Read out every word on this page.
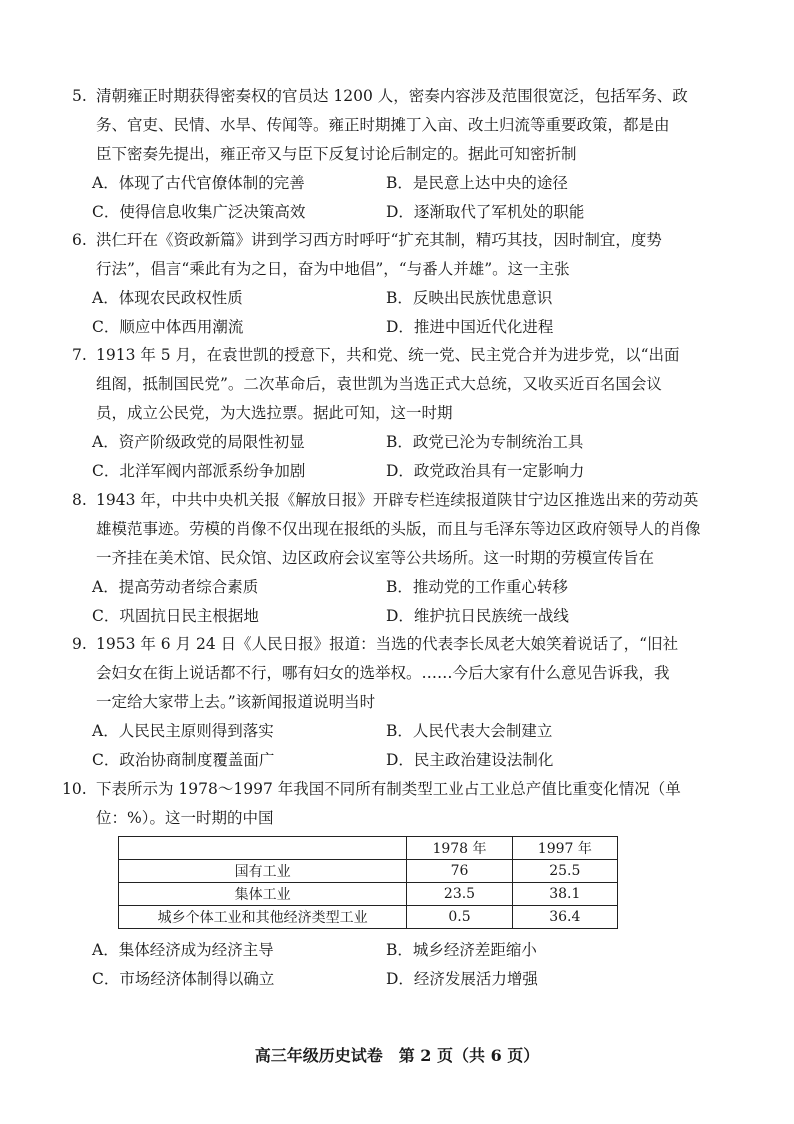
5. 清朝雍正时期获得密奏权的官员达 1200 人，密奏内容涉及范围很宽泛，包括军务、政
务、官吏、民情、水旱、传闻等。雍正时期摊丁入亩、改土归流等重要政策，都是由
臣下密奏先提出，雍正帝又与臣下反复讨论后制定的。据此可知密折制
A．体现了古代官僚体制的完善	B．是民意上达中央的途径
C．使得信息收集广泛决策高效	D．逐渐取代了军机处的职能
6. 洪仁玕在《资政新篇》讲到学习西方时呼吁“扩充其制，精巧其技，因时制宜，度势
行法”，倡言“乘此有为之日，奋为中地倡”，“与番人并雄”。这一主张
A．体现农民政权性质	B．反映出民族忧患意识
C．顺应中体西用潮流	D．推进中国近代化进程
7. 1913 年 5 月，在袁世凯的授意下，共和党、统一党、民主党合并为进步党，以“出面
组阁，抵制国民党”。二次革命后，袁世凯为当选正式大总统，又收买近百名国会议
员，成立公民党，为大选拉票。据此可知，这一时期
A．资产阶级政党的局限性初显	B．政党已沦为专制统治工具
C．北洋军阀内部派系纷争加剧	D．政党政治具有一定影响力
8. 1943 年，中共中央机关报《解放日报》开辟专栏连续报道陕甘宁边区推选出来的劳动英
雄模范事迹。劳模的肖像不仅出现在报纸的头版，而且与毛泽东等边区政府领导人的肖像
一齐挂在美术馆、民众馆、边区政府会议室等公共场所。这一时期的劳模宣传旨在
A．提高劳动者综合素质	B．推动党的工作重心转移
C．巩固抗日民主根据地	D．维护抗日民族统一战线
9. 1953 年 6 月 24 日《人民日报》报道：当选的代表李长凤老大娘笑着说话了，“旧社
会妇女在街上说话都不行，哪有妇女的选举权。……今后大家有什么意见告诉我，我
一定给大家带上去。”该新闻报道说明当时
A．人民民主原则得到落实	B．人民代表大会制建立
C．政治协商制度覆盖面广	D．民主政治建设法制化
10. 下表所示为 1978～1997 年我国不同所有制类型工业占工业总产值比重变化情况（单
位：%）。这一时期的中国
	1978 年	1997 年
国有工业	76	25.5
集体工业	23.5	38.1
城乡个体工业和其他经济类型工业	0.5	36.4
A．集体经济成为经济主导	B．城乡经济差距缩小
C．市场经济体制得以确立	D．经济发展活力增强
高三年级历史试卷　第 2 页（共 6 页）
